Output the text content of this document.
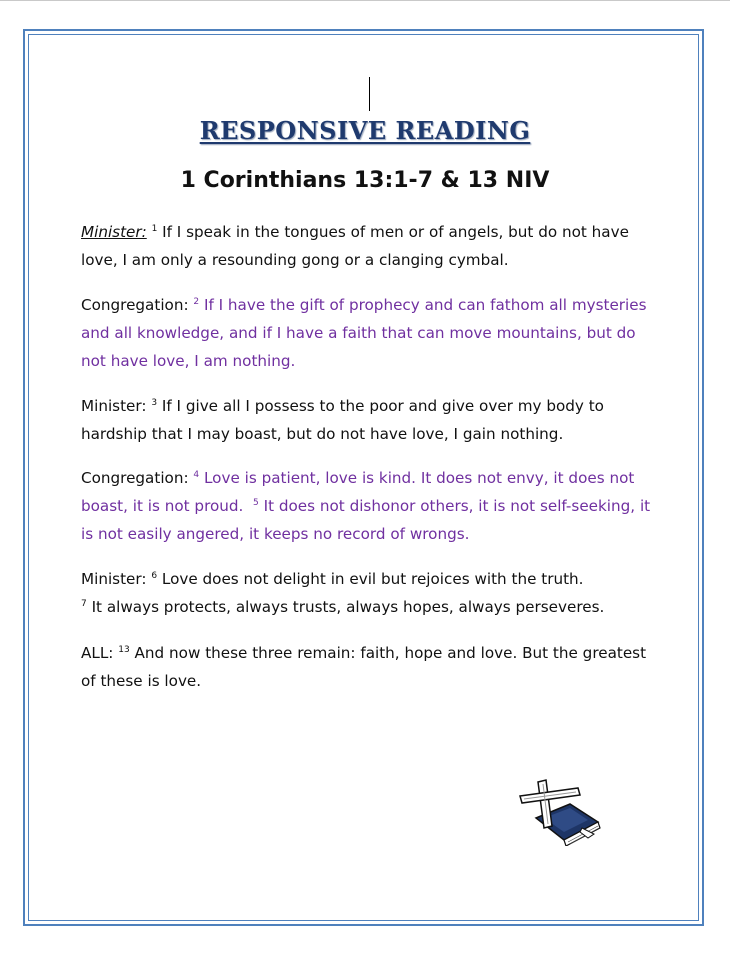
RESPONSIVE READING
1 Corinthians 13:1-7 & 13 NIV
Minister: $^1$ If I speak in the tongues of men or of angels, but do not have love, I am only a resounding gong or a clanging cymbal.
Congregation: $^2$ If I have the gift of prophecy and can fathom all mysteries and all knowledge, and if I have a faith that can move mountains, but do not have love, I am nothing.
Minister: $^3$ If I give all I possess to the poor and give over my body to hardship that I may boast, but do not have love, I gain nothing.
Congregation: $^4$ Love is patient, love is kind. It does not envy, it does not boast, it is not proud. $^5$ It does not dishonor others, it is not self-seeking, it is not easily angered, it keeps no record of wrongs.
Minister: $^6$ Love does not delight in evil but rejoices with the truth.
$^7$ It always protects, always trusts, always hopes, always perseveres.
ALL: $^{13}$ And now these three remain: faith, hope and love. But the greatest of these is love.
